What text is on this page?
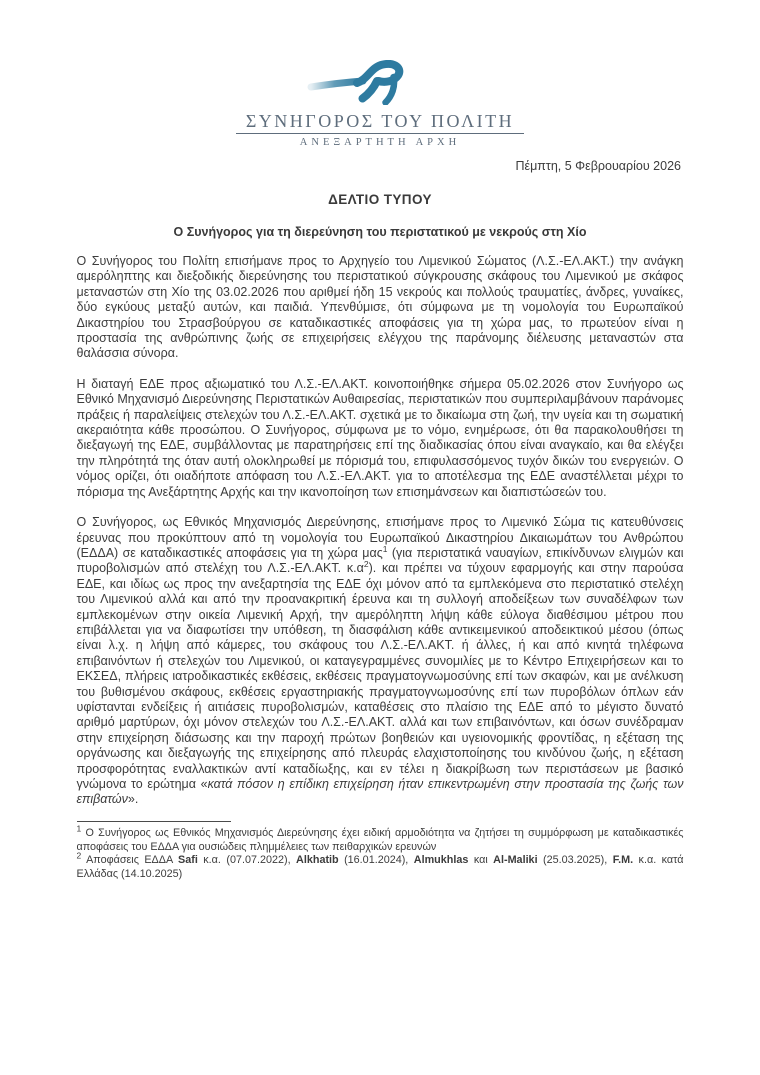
ΣΥΝΗΓΟΡΟΣ ΤΟΥ ΠΟΛΙΤΗ
ΑΝΕΞΑΡΤΗΤΗ ΑΡΧΗ
Πέμπτη, 5 Φεβρουαρίου 2026
ΔΕΛΤΙΟ ΤΥΠΟΥ
Ο Συνήγορος για τη διερεύνηση του περιστατικού με νεκρούς στη Χίο

Ο Συνήγορος του Πολίτη επισήμανε προς το Αρχηγείο του Λιμενικού Σώματος (Λ.Σ.-ΕΛ.ΑΚΤ.) την ανάγκη αμερόληπτης και διεξοδικής διερεύνησης του περιστατικού σύγκρουσης σκάφους του Λιμενικού με σκάφος μεταναστών στη Χίο της 03.02.2026 που αριθμεί ήδη 15 νεκρούς και πολλούς τραυματίες, άνδρες, γυναίκες, δύο εγκύους μεταξύ αυτών, και παιδιά. Υπενθύμισε, ότι σύμφωνα με τη νομολογία του Ευρωπαϊκού Δικαστηρίου του Στρασβούργου σε καταδικαστικές αποφάσεις για τη χώρα μας, το πρωτεύον είναι η προστασία της ανθρώπινης ζωής σε επιχειρήσεις ελέγχου της παράνομης διέλευσης μεταναστών στα θαλάσσια σύνορα.

Η διαταγή ΕΔΕ προς αξιωματικό του Λ.Σ.-ΕΛ.ΑΚΤ. κοινοποιήθηκε σήμερα 05.02.2026 στον Συνήγορο ως Εθνικό Μηχανισμό Διερεύνησης Περιστατικών Αυθαιρεσίας, περιστατικών που συμπεριλαμβάνουν παράνομες πράξεις ή παραλείψεις στελεχών του Λ.Σ.-ΕΛ.ΑΚΤ. σχετικά με το δικαίωμα στη ζωή, την υγεία και τη σωματική ακεραιότητα κάθε προσώπου. Ο Συνήγορος, σύμφωνα με το νόμο, ενημέρωσε, ότι θα παρακολουθήσει τη διεξαγωγή της ΕΔΕ, συμβάλλοντας με παρατηρήσεις επί της διαδικασίας όπου είναι αναγκαίο, και θα ελέγξει την πληρότητά της όταν αυτή ολοκληρωθεί με πόρισμά του, επιφυλασσόμενος τυχόν δικών του ενεργειών. Ο νόμος ορίζει, ότι οιαδήποτε απόφαση του Λ.Σ.-ΕΛ.ΑΚΤ. για το αποτέλεσμα της ΕΔΕ αναστέλλεται μέχρι το πόρισμα της Ανεξάρτητης Αρχής και την ικανοποίηση των επισημάνσεων και διαπιστώσεών του.

Ο Συνήγορος, ως Εθνικός Μηχανισμός Διερεύνησης, επισήμανε προς το Λιμενικό Σώμα τις κατευθύνσεις έρευνας που προκύπτουν από τη νομολογία του Ευρωπαϊκού Δικαστηρίου Δικαιωμάτων του Ανθρώπου (ΕΔΔΑ) σε καταδικαστικές αποφάσεις για τη χώρα μας$^1$ (για περιστατικά ναυαγίων, επικίνδυνων ελιγμών και πυροβολισμών από στελέχη του Λ.Σ.-ΕΛ.ΑΚΤ. $\kappa.\alpha^2$). και πρέπει να τύχουν εφαρμογής και στην παρούσα ΕΔΕ, και ιδίως ως προς την ανεξαρτησία της ΕΔΕ όχι μόνον από τα εμπλεκόμενα στο περιστατικό στελέχη του Λιμενικού αλλά και από την προανακριτική έρευνα και τη συλλογή αποδείξεων των συναδέλφων των εμπλεκομένων στην οικεία Λιμενική Αρχή, την αμερόληπτη λήψη κάθε εύλογα διαθέσιμου μέτρου που επιβάλλεται για να διαφωτίσει την υπόθεση, τη διασφάλιση κάθε αντικειμενικού αποδεικτικού μέσου (όπως είναι λ.χ. η λήψη από κάμερες, του σκάφους του Λ.Σ.-ΕΛ.ΑΚΤ. ή άλλες, ή και από κινητά τηλέφωνα επιβαινόντων ή στελεχών του Λιμενικού, οι καταγεγραμμένες συνομιλίες με το Κέντρο Επιχειρήσεων και το ΕΚΣΕΔ, πλήρεις ιατροδικαστικές εκθέσεις, εκθέσεις πραγματογνωμοσύνης επί των σκαφών, και με ανέλκυση του βυθισμένου σκάφους, εκθέσεις εργαστηριακής πραγματογνωμοσύνης επί των πυροβόλων όπλων εάν υφίστανται ενδείξεις ή αιτιάσεις πυροβολισμών, καταθέσεις στο πλαίσιο της ΕΔΕ από το μέγιστο δυνατό αριθμό μαρτύρων, όχι μόνον στελεχών του Λ.Σ.-ΕΛ.ΑΚΤ. αλλά και των επιβαινόντων, και όσων συνέδραμαν στην επιχείρηση διάσωσης και την παροχή πρώτων βοηθειών και υγειονομικής φροντίδας, η εξέταση της οργάνωσης και διεξαγωγής της επιχείρησης από πλευράς ελαχιστοποίησης του κινδύνου ζωής, η εξέταση προσφορότητας εναλλακτικών αντί καταδίωξης, και εν τέλει η διακρίβωση των περιστάσεων με βασικό γνώμονα το ερώτημα «κατά πόσον η επίδικη επιχείρηση ήταν επικεντρωμένη στην προστασία της ζωής των επιβατών».

$^1$ Ο Συνήγορος ως Εθνικός Μηχανισμός Διερεύνησης έχει ειδική αρμοδιότητα να ζητήσει τη συμμόρφωση με καταδικαστικές αποφάσεις του ΕΔΔΑ για ουσιώδεις πλημμέλειες των πειθαρχικών ερευνών

$^2$ Αποφάσεις ΕΔΔΑ Safi κ.α. (07.07.2022), Alkhatib (16.01.2024), Almukhlas και Al-Maliki (25.03.2025), F.M. κ.α. κατά Ελλάδας (14.10.2025)
